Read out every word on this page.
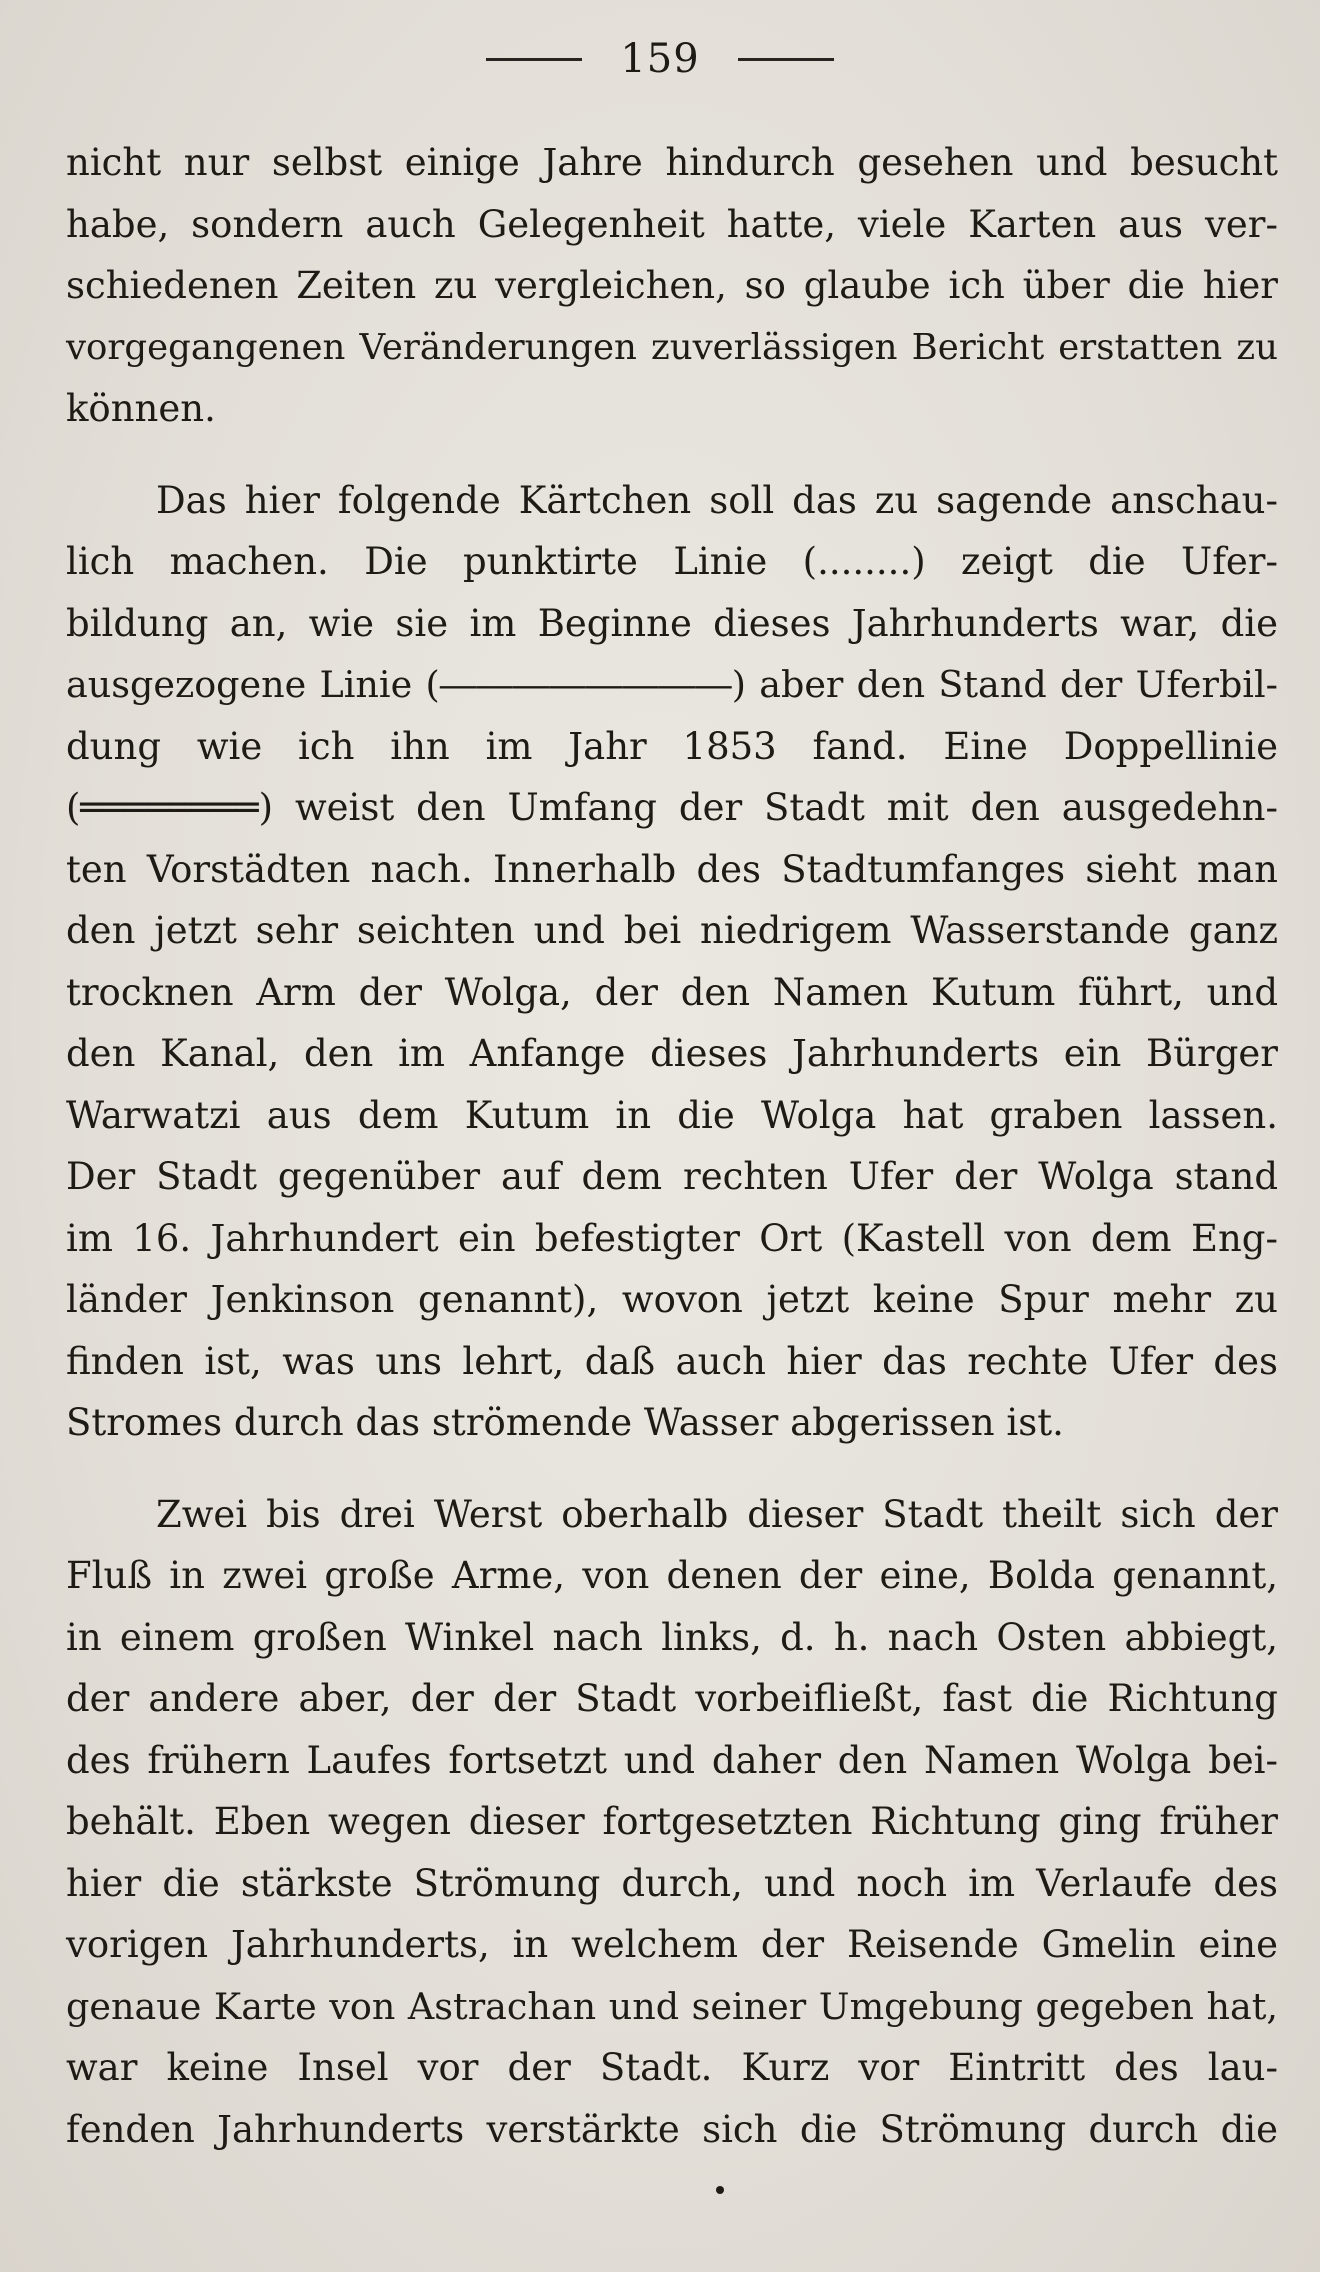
159
nicht nur selbst einige Jahre hindurch gesehen und besucht
habe, sondern auch Gelegenheit hatte, viele Karten aus ver-
schiedenen Zeiten zu vergleichen, so glaube ich über die hier
vorgegangenen Veränderungen zuverlässigen Bericht erstatten zu
können.
Das hier folgende Kärtchen soll das zu sagende anschau-
lich machen. Die punktirte Linie (........) zeigt die Ufer-
bildung an, wie sie im Beginne dieses Jahrhunderts war, die
ausgezogene Linie (――――――――) aber den Stand der Uferbil-
dung wie ich ihn im Jahr 1853 fand. Eine Doppellinie
(════════) weist den Umfang der Stadt mit den ausgedehn-
ten Vorstädten nach. Innerhalb des Stadtumfanges sieht man
den jetzt sehr seichten und bei niedrigem Wasserstande ganz
trocknen Arm der Wolga, der den Namen Kutum führt, und
den Kanal, den im Anfange dieses Jahrhunderts ein Bürger
Warwatzi aus dem Kutum in die Wolga hat graben lassen.
Der Stadt gegenüber auf dem rechten Ufer der Wolga stand
im 16. Jahrhundert ein befestigter Ort (Kastell von dem Eng-
länder Jenkinson genannt), wovon jetzt keine Spur mehr zu
finden ist, was uns lehrt, daß auch hier das rechte Ufer des
Stromes durch das strömende Wasser abgerissen ist.
Zwei bis drei Werst oberhalb dieser Stadt theilt sich der
Fluß in zwei große Arme, von denen der eine, Bolda genannt,
in einem großen Winkel nach links, d. h. nach Osten abbiegt,
der andere aber, der der Stadt vorbeifließt, fast die Richtung
des frühern Laufes fortsetzt und daher den Namen Wolga bei-
behält. Eben wegen dieser fortgesetzten Richtung ging früher
hier die stärkste Strömung durch, und noch im Verlaufe des
vorigen Jahrhunderts, in welchem der Reisende Gmelin eine
genaue Karte von Astrachan und seiner Umgebung gegeben hat,
war keine Insel vor der Stadt. Kurz vor Eintritt des lau-
fenden Jahrhunderts verstärkte sich die Strömung durch die
